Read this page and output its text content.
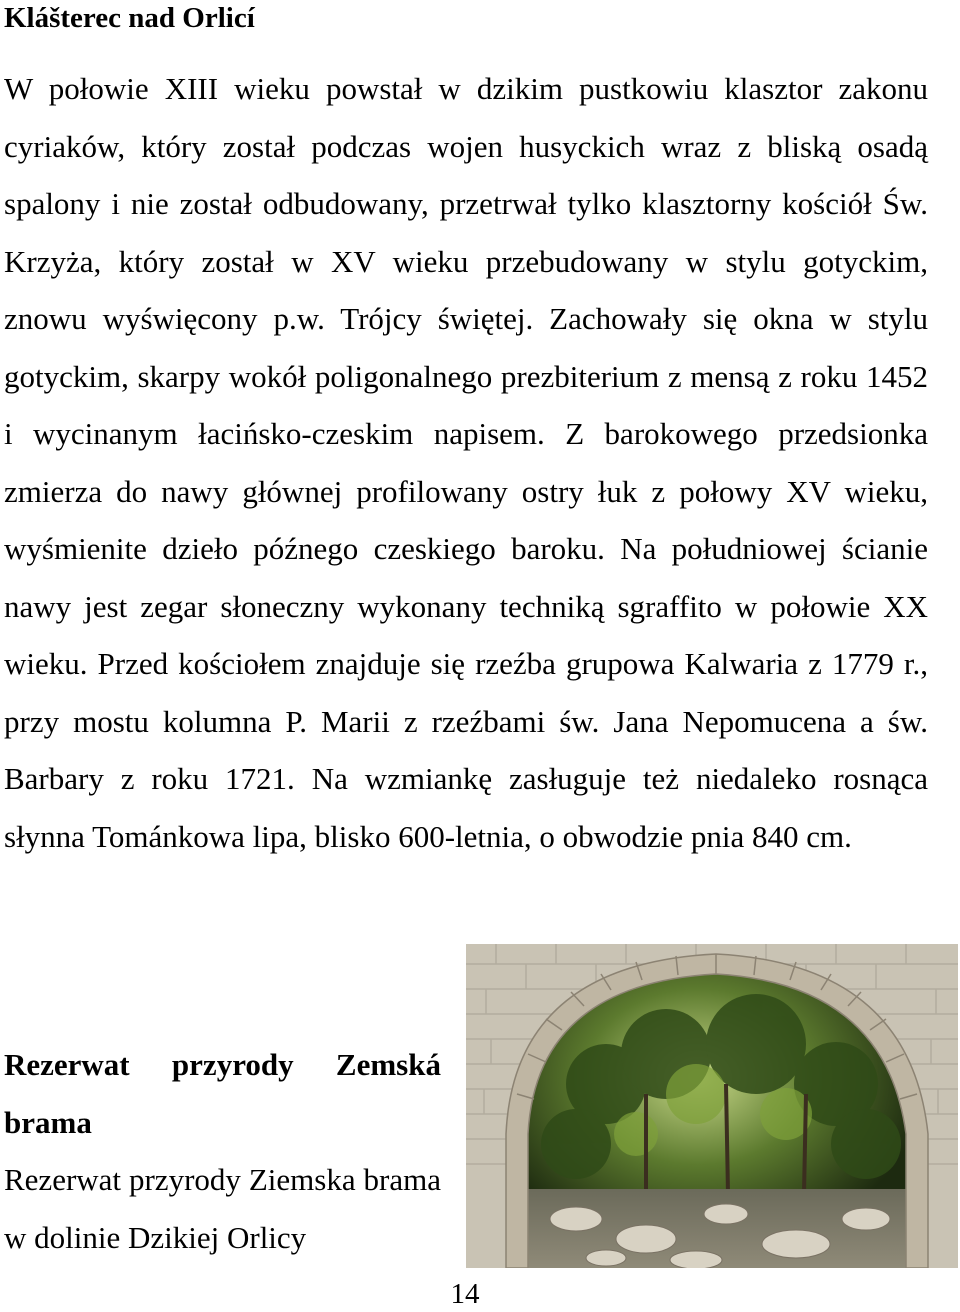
Klášterec nad Orlicí

W połowie XIII wieku powstał w dzikim pustkowiu klasztor zakonu cyriaków, który został podczas wojen husyckich wraz z bliską osadą spalony i nie został odbudowany, przetrwał tylko klasztorny kościół Św. Krzyża, który został w XV wieku przebudowany w stylu gotyckim, znowu wyświęcony p.w. Trójcy świętej. Zachowały się okna w stylu gotyckim, skarpy wokół poligonalnego prezbiterium z mensą z roku 1452 i wycinanym łacińsko-czeskim napisem. Z barokowego przedsionka zmierza do nawy głównej profilowany ostry łuk z połowy XV wieku, wyśmienite dzieło późnego czeskiego baroku. Na południowej ścianie nawy jest zegar słoneczny wykonany techniką sgraffito w połowie XX wieku. Przed kościołem znajduje się rzeźba grupowa Kalwaria z 1779 r., przy mostu kolumna P. Marii z rzeźbami św. Jana Nepomucena a św. Barbary z roku 1721. Na wzmiankę zasługuje też niedaleko rosnąca słynna Tománkowa lipa, blisko 600-letnia, o obwodzie pnia 840 cm.

Rezerwat przyrody Zemská brama

Rezerwat przyrody Ziemska brama w dolinie Dzikiej Orlicy

14
